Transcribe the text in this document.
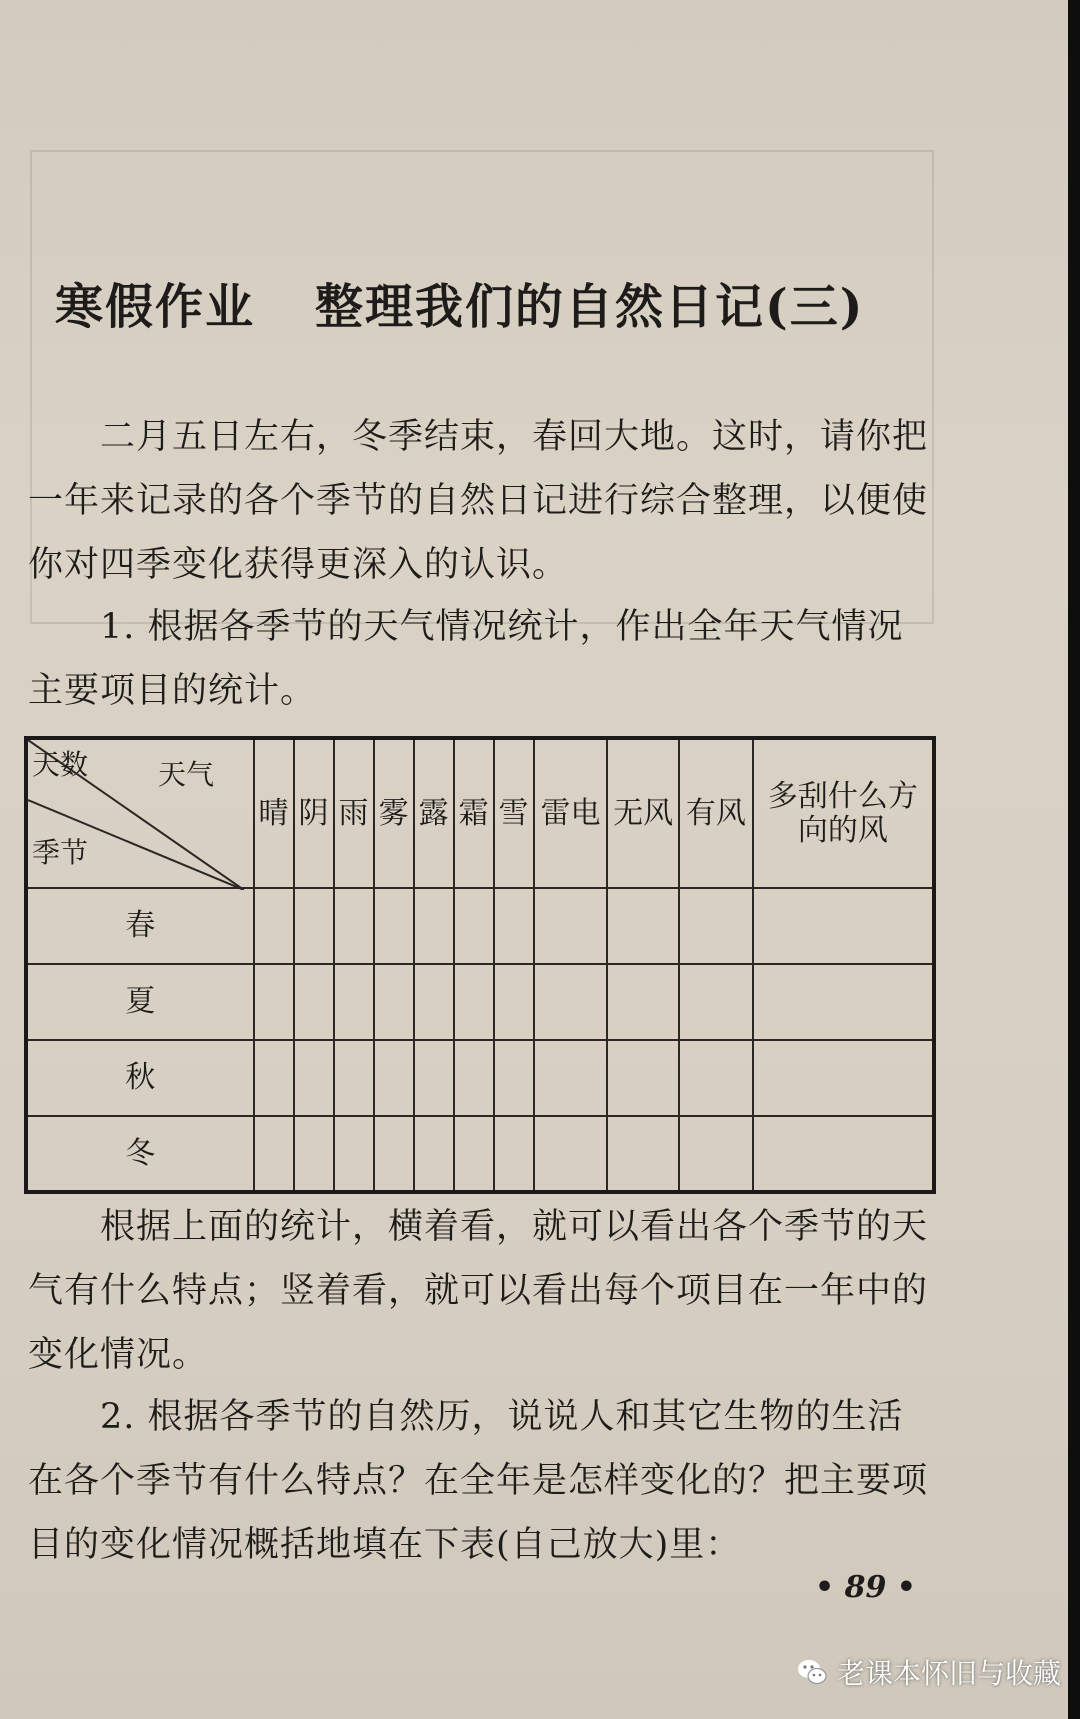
寒假作业 整理我们的自然日记(三)
二月五日左右，冬季结束，春回大地。这时，请你把一年来记录的各个季节的自然日记进行综合整理，以便使你对四季变化获得更深入的认识。
1. 根据各季节的天气情况统计，作出全年天气情况主要项目的统计。
天气
天数
季节	晴	阴	雨	雾	露	霜	雪	雷电	无风	有风	多刮什么方向的风
春											
夏											
秋											
冬											
根据上面的统计，横着看，就可以看出各个季节的天气有什么特点；竖着看，就可以看出每个项目在一年中的变化情况。
2. 根据各季节的自然历，说说人和其它生物的生活在各个季节有什么特点？在全年是怎样变化的？把主要项目的变化情况概括地填在下表(自己放大)里：
• 89 •
老课本怀旧与收藏
